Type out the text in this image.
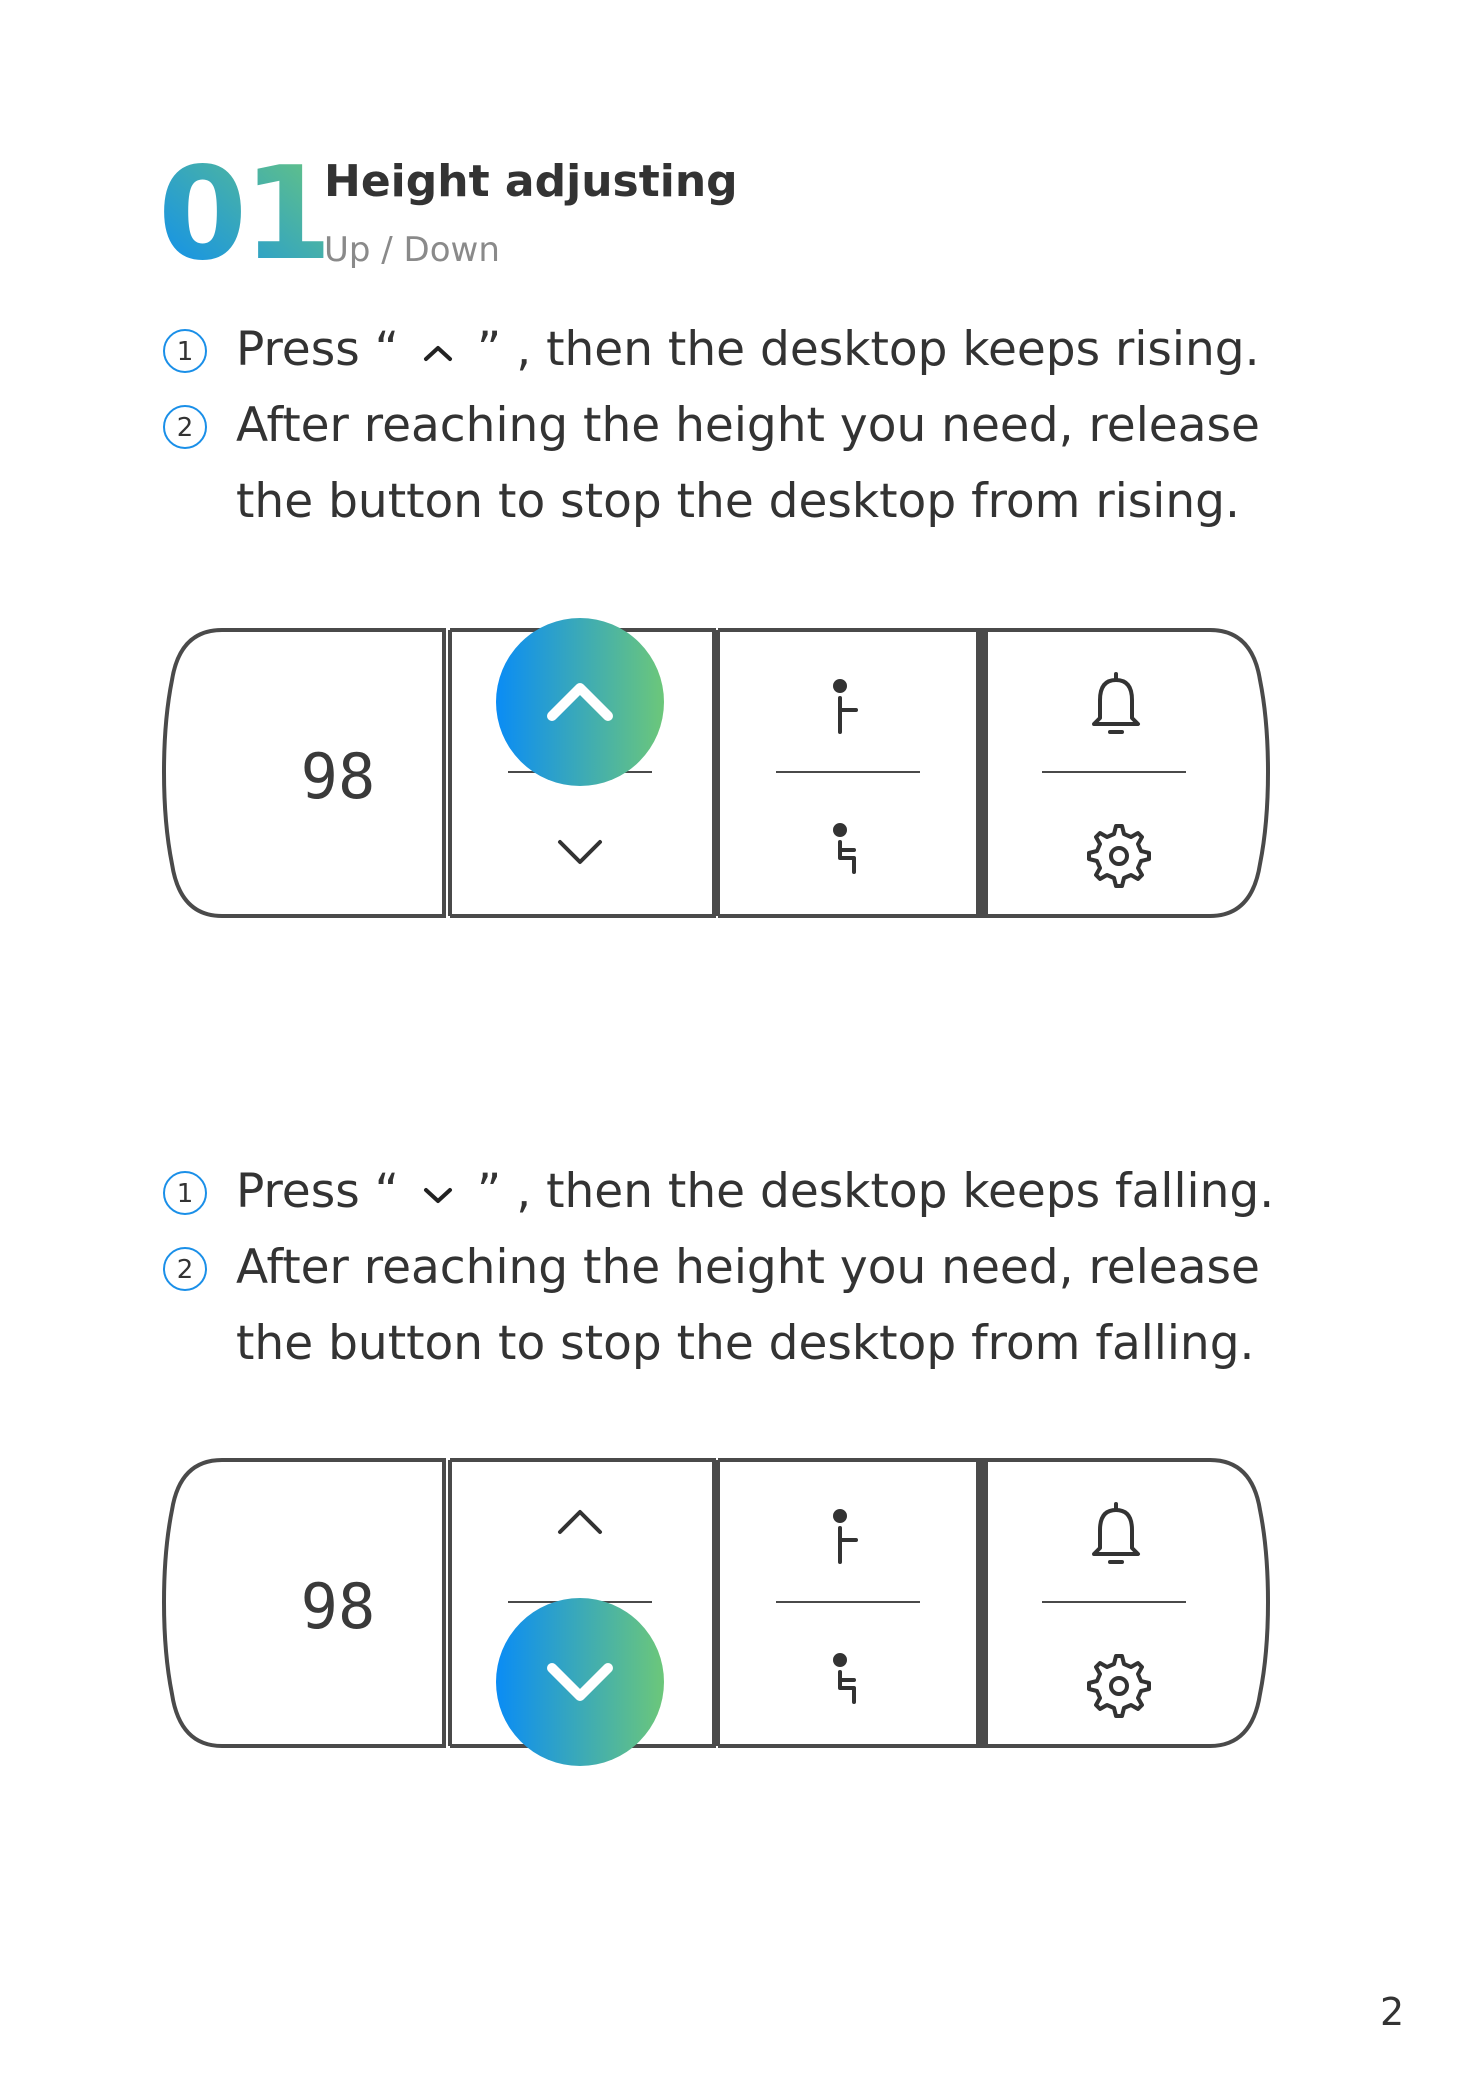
01
Height adjusting

Up / Down

1 Press “ ” , then the desktop keeps rising.
2 After reaching the height you need, release
the button to stop the desktop from rising.
98
1 Press “ ” , then the desktop keeps falling.
2 After reaching the height you need, release
the button to stop the desktop from falling.
98
2
